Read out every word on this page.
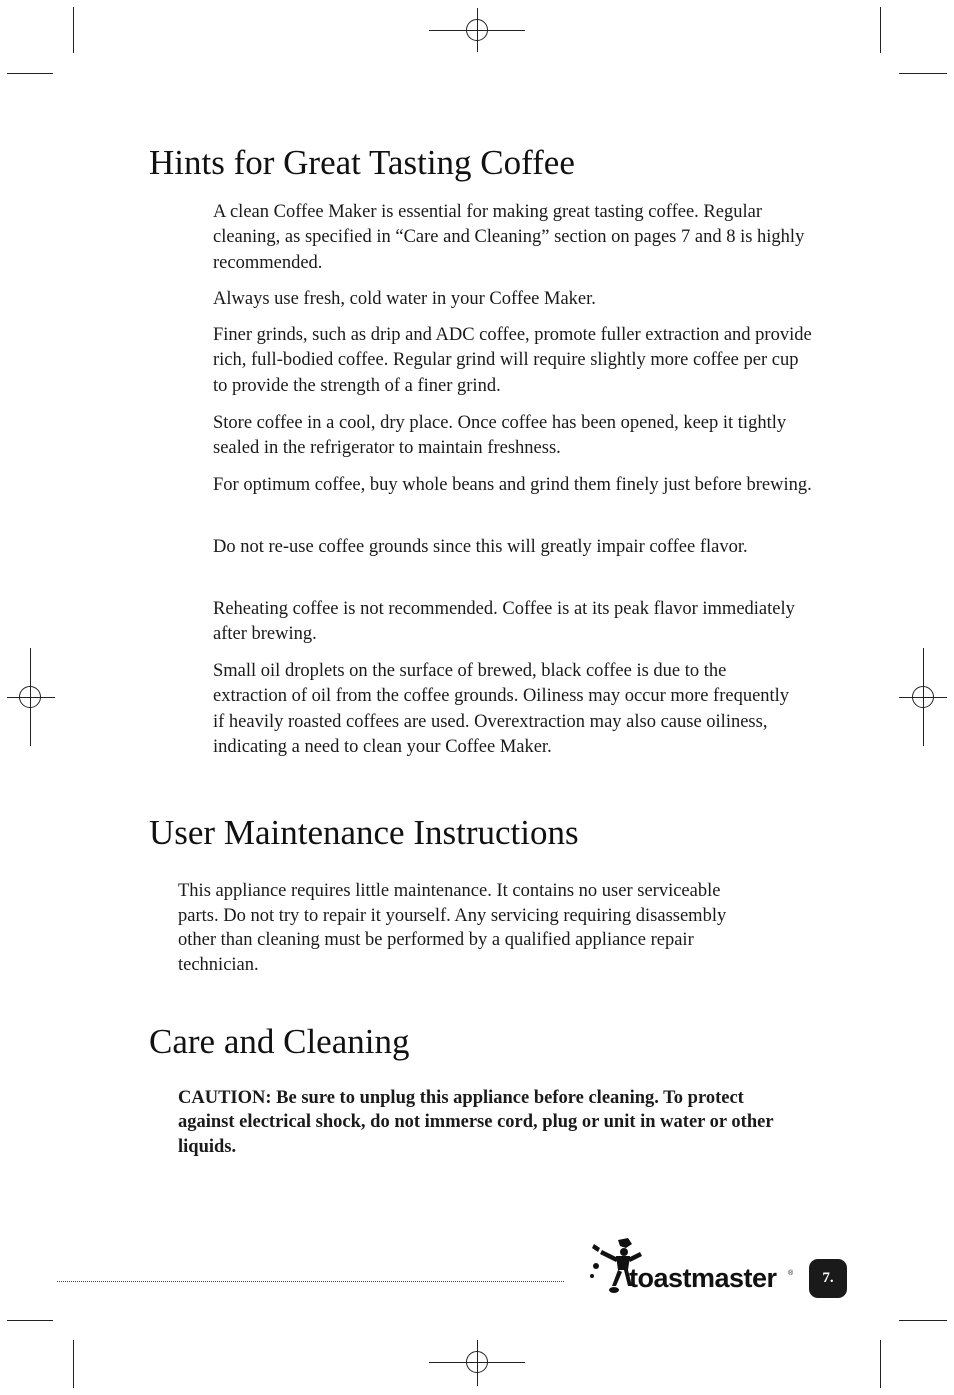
Hints for Great Tasting Coffee

A clean Coffee Maker is essential for making great tasting coffee. Regular cleaning, as specified in “Care and Cleaning” section on pages 7 and 8 is highly recommended.

Always use fresh, cold water in your Coffee Maker.

Finer grinds, such as drip and ADC coffee, promote fuller extraction and provide rich, full-bodied coffee. Regular grind will require slightly more coffee per cup to provide the strength of a finer grind.

Store coffee in a cool, dry place. Once coffee has been opened, keep it tightly sealed in the refrigerator to maintain freshness.

For optimum coffee, buy whole beans and grind them finely just before brewing.

Do not re-use coffee grounds since this will greatly impair coffee flavor.

Reheating coffee is not recommended. Coffee is at its peak flavor immediately after brewing.

Small oil droplets on the surface of brewed, black coffee is due to the extraction of oil from the coffee grounds. Oiliness may occur more frequently if heavily roasted coffees are used. Overextraction may also cause oiliness, indicating a need to clean your Coffee Maker.

User Maintenance Instructions

This appliance requires little maintenance. It contains no user serviceable parts. Do not try to repair it yourself. Any servicing requiring disassembly other than cleaning must be performed by a qualified appliance repair technician.

Care and Cleaning

CAUTION: Be sure to unplug this appliance before cleaning. To protect against electrical shock, do not immerse cord, plug or unit in water or other liquids.

toastmaster ® 7.
